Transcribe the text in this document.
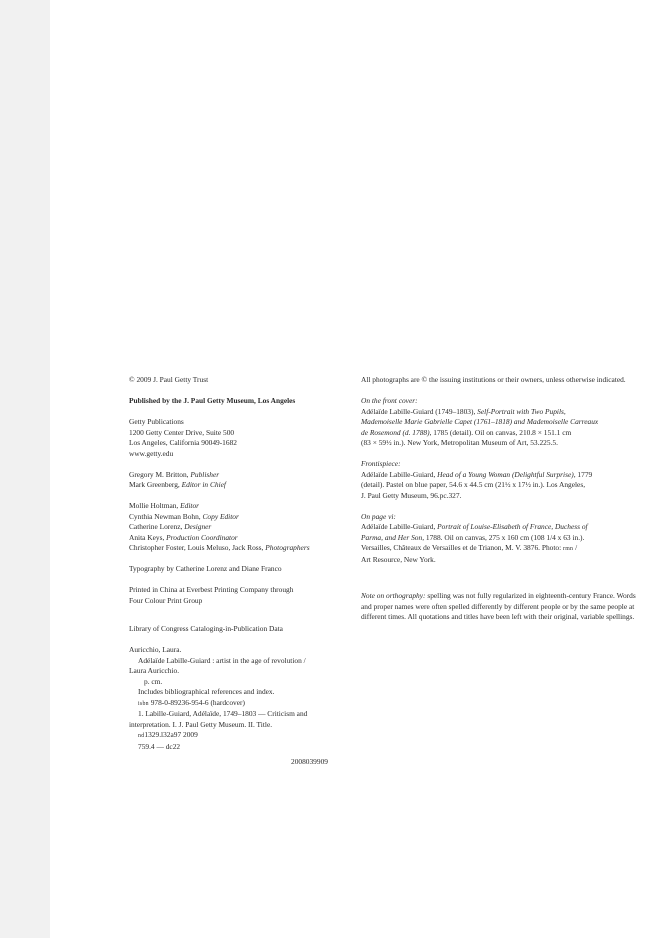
© 2009 J. Paul Getty Trust
Published by the J. Paul Getty Museum, Los Angeles
Getty Publications
1200 Getty Center Drive, Suite 500
Los Angeles, California 90049-1682
www.getty.edu
Gregory M. Britton, Publisher
Mark Greenberg, Editor in Chief
Mollie Holtman, Editor
Cynthia Newman Bohn, Copy Editor
Catherine Lorenz, Designer
Anita Keys, Production Coordinator
Christopher Foster, Louis Meluso, Jack Ross, Photographers
Typography by Catherine Lorenz and Diane Franco
Printed in China at Everbest Printing Company through
Four Colour Print Group
Library of Congress Cataloging-in-Publication Data
Auricchio, Laura.
Adélaïde Labille-Guiard : artist in the age of revolution /
Laura Auricchio.
p. cm.
Includes bibliographical references and index.
isbn 978-0-89236-954-6 (hardcover)
1. Labille-Guiard, Adélaïde, 1749–1803 — Criticism and
interpretation. I. J. Paul Getty Museum. II. Title.
nd1329.l32a97 2009
759.4 — dc22
2008039909
All photographs are © the issuing institutions or their owners, unless otherwise indicated.
On the front cover:
Adélaïde Labille-Guiard (1749–1803), Self-Portrait with Two Pupils,
Mademoiselle Marie Gabrielle Capet (1761–1818) and Mademoiselle Carreaux
de Rosemond (d. 1788), 1785 (detail). Oil on canvas, 210.8 × 151.1 cm
(83 × 59½ in.). New York, Metropolitan Museum of Art, 53.225.5.
Frontispiece:
Adélaïde Labille-Guiard, Head of a Young Woman (Delightful Surprise), 1779
(detail). Pastel on blue paper, 54.6 x 44.5 cm (21½ x 17½ in.). Los Angeles,
J. Paul Getty Museum, 96.pc.327.
On page vi:
Adélaïde Labille-Guiard, Portrait of Louise-Elisabeth of France, Duchess of
Parma, and Her Son, 1788. Oil on canvas, 275 x 160 cm (108 1/4 x 63 in.).
Versailles, Châteaux de Versailles et de Trianon, M. V. 3876. Photo: rmn /
Art Resource, New York.
Note on orthography: spelling was not fully regularized in eighteenth-century France. Words and proper names were often spelled differently by different people or by the same people at different times. All quotations and titles have been left with their original, variable spellings.
